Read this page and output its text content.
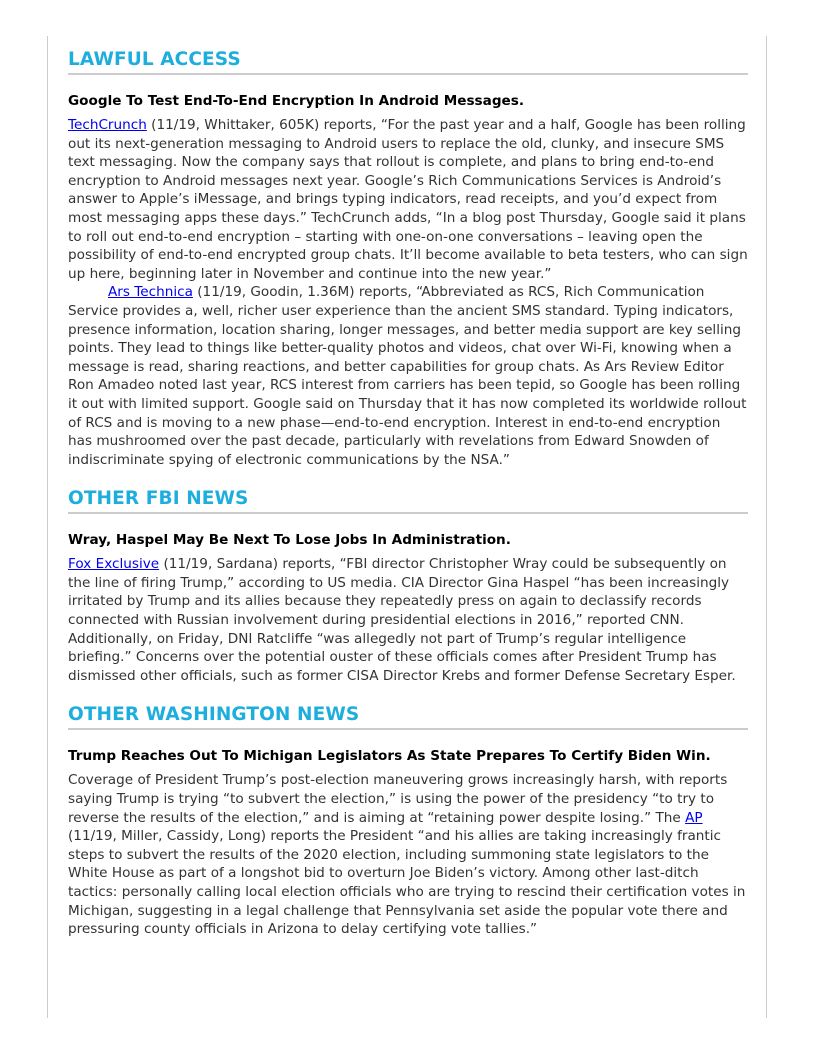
LAWFUL ACCESS
Google To Test End-To-End Encryption In Android Messages.

TechCrunch (11/19, Whittaker, 605K) reports, “For the past year and a half, Google has been rolling out its next-generation messaging to Android users to replace the old, clunky, and insecure SMS text messaging. Now the company says that rollout is complete, and plans to bring end-to-end encryption to Android messages next year. Google’s Rich Communications Services is Android’s answer to Apple’s iMessage, and brings typing indicators, read receipts, and you’d expect from most messaging apps these days.” TechCrunch adds, “In a blog post Thursday, Google said it plans to roll out end-to-end encryption – starting with one-on-one conversations – leaving open the possibility of end-to-end encrypted group chats. It’ll become available to beta testers, who can sign up here, beginning later in November and continue into the new year.”

Ars Technica (11/19, Goodin, 1.36M) reports, “Abbreviated as RCS, Rich Communication Service provides a, well, richer user experience than the ancient SMS standard. Typing indicators, presence information, location sharing, longer messages, and better media support are key selling points. They lead to things like better-quality photos and videos, chat over Wi-Fi, knowing when a message is read, sharing reactions, and better capabilities for group chats. As Ars Review Editor Ron Amadeo noted last year, RCS interest from carriers has been tepid, so Google has been rolling it out with limited support. Google said on Thursday that it has now completed its worldwide rollout of RCS and is moving to a new phase—end-to-end encryption. Interest in end-to-end encryption has mushroomed over the past decade, particularly with revelations from Edward Snowden of indiscriminate spying of electronic communications by the NSA.”

OTHER FBI NEWS
Wray, Haspel May Be Next To Lose Jobs In Administration.

Fox Exclusive (11/19, Sardana) reports, “FBI director Christopher Wray could be subsequently on the line of firing Trump,” according to US media. CIA Director Gina Haspel “has been increasingly irritated by Trump and its allies because they repeatedly press on again to declassify records connected with Russian involvement during presidential elections in 2016,” reported CNN. Additionally, on Friday, DNI Ratcliffe “was allegedly not part of Trump’s regular intelligence briefing.” Concerns over the potential ouster of these officials comes after President Trump has dismissed other officials, such as former CISA Director Krebs and former Defense Secretary Esper.

OTHER WASHINGTON NEWS
Trump Reaches Out To Michigan Legislators As State Prepares To Certify Biden Win.

Coverage of President Trump’s post-election maneuvering grows increasingly harsh, with reports saying Trump is trying “to subvert the election,” is using the power of the presidency “to try to reverse the results of the election,” and is aiming at “retaining power despite losing.” The AP (11/19, Miller, Cassidy, Long) reports the President “and his allies are taking increasingly frantic steps to subvert the results of the 2020 election, including summoning state legislators to the White House as part of a longshot bid to overturn Joe Biden’s victory. Among other last-ditch tactics: personally calling local election officials who are trying to rescind their certification votes in Michigan, suggesting in a legal challenge that Pennsylvania set aside the popular vote there and pressuring county officials in Arizona to delay certifying vote tallies.”
